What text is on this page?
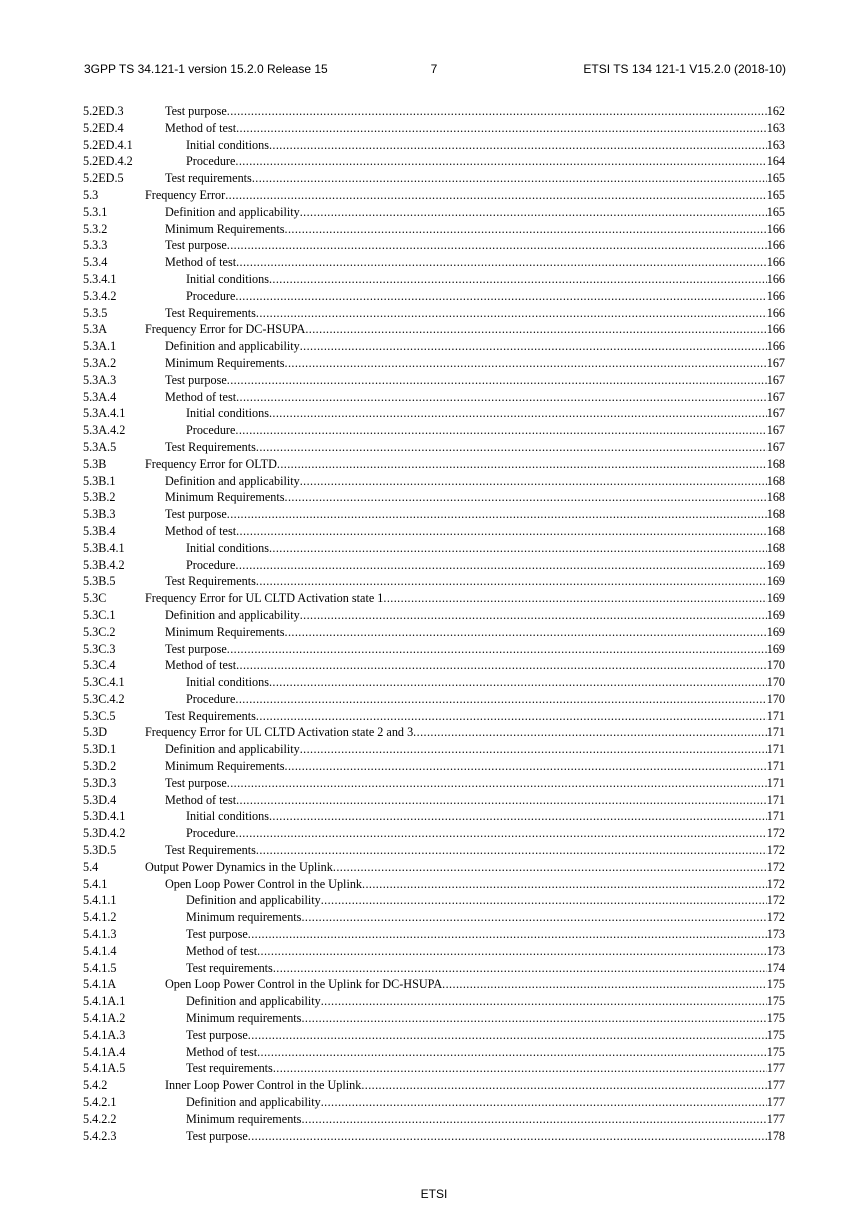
3GPP TS 34.121-1 version 15.2.0 Release 15	7	ETSI TS 134 121-1 V15.2.0 (2018-10)
5.2ED.3	Test purpose .....	162
5.2ED.4	Method of test .....	163
5.2ED.4.1	Initial conditions .....	163
5.2ED.4.2	Procedure .....	164
5.2ED.5	Test requirements .....	165
5.3	Frequency Error .....	165
5.3.1	Definition and applicability .....	165
5.3.2	Minimum Requirements .....	166
5.3.3	Test purpose .....	166
5.3.4	Method of test .....	166
5.3.4.1	Initial conditions .....	166
5.3.4.2	Procedure .....	166
5.3.5	Test Requirements .....	166
5.3A	Frequency Error for DC-HSUPA .....	166
5.3A.1	Definition and applicability .....	166
5.3A.2	Minimum Requirements .....	167
5.3A.3	Test purpose .....	167
5.3A.4	Method of test .....	167
5.3A.4.1	Initial conditions .....	167
5.3A.4.2	Procedure .....	167
5.3A.5	Test Requirements .....	167
5.3B	Frequency Error for OLTD .....	168
5.3B.1	Definition and applicability .....	168
5.3B.2	Minimum Requirements .....	168
5.3B.3	Test purpose .....	168
5.3B.4	Method of test .....	168
5.3B.4.1	Initial conditions .....	168
5.3B.4.2	Procedure .....	169
5.3B.5	Test Requirements .....	169
5.3C	Frequency Error for UL CLTD Activation state 1 .....	169
5.3C.1	Definition and applicability .....	169
5.3C.2	Minimum Requirements .....	169
5.3C.3	Test purpose .....	169
5.3C.4	Method of test .....	170
5.3C.4.1	Initial conditions .....	170
5.3C.4.2	Procedure .....	170
5.3C.5	Test Requirements .....	171
5.3D	Frequency Error for UL CLTD Activation state 2 and 3 .....	171
5.3D.1	Definition and applicability .....	171
5.3D.2	Minimum Requirements .....	171
5.3D.3	Test purpose .....	171
5.3D.4	Method of test .....	171
5.3D.4.1	Initial conditions .....	171
5.3D.4.2	Procedure .....	172
5.3D.5	Test Requirements .....	172
5.4	Output Power Dynamics in the Uplink .....	172
5.4.1	Open Loop Power Control in the Uplink .....	172
5.4.1.1	Definition and applicability .....	172
5.4.1.2	Minimum requirements .....	172
5.4.1.3	Test purpose .....	173
5.4.1.4	Method of test .....	173
5.4.1.5	Test requirements .....	174
5.4.1A	Open Loop Power Control in the Uplink for DC-HSUPA .....	175
5.4.1A.1	Definition and applicability .....	175
5.4.1A.2	Minimum requirements .....	175
5.4.1A.3	Test purpose .....	175
5.4.1A.4	Method of test .....	175
5.4.1A.5	Test requirements .....	177
5.4.2	Inner Loop Power Control in the Uplink .....	177
5.4.2.1	Definition and applicability .....	177
5.4.2.2	Minimum requirements .....	177
5.4.2.3	Test purpose .....	178
ETSI
